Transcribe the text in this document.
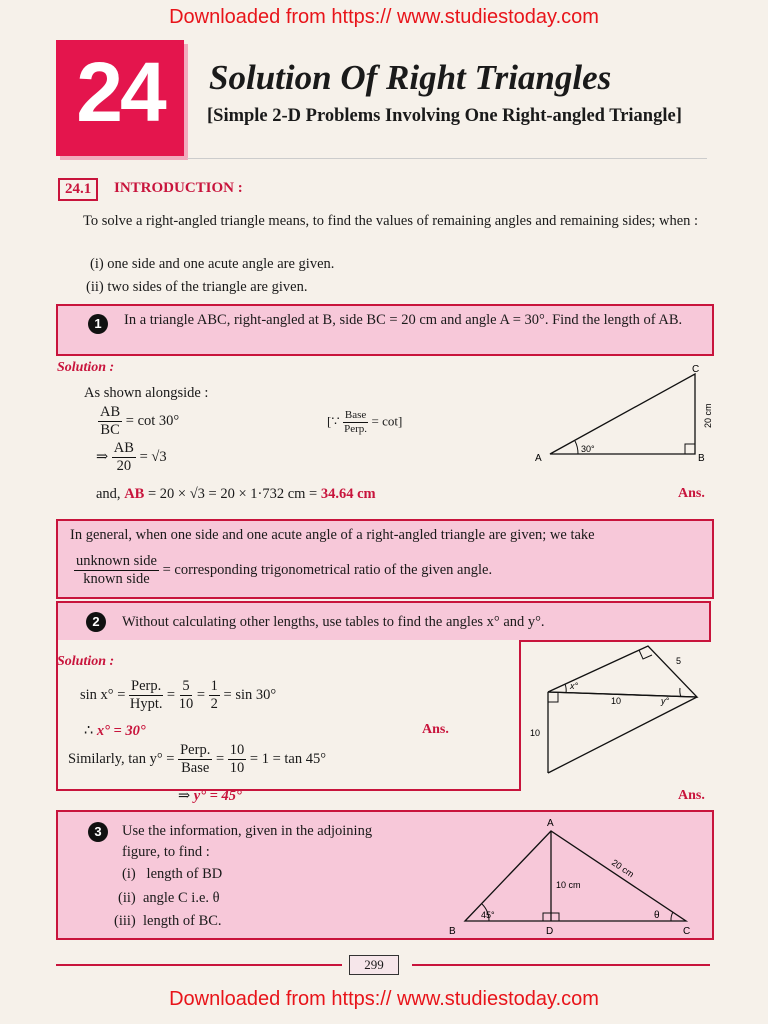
Downloaded from https:// www.studiestoday.com
24	Solution Of Right Triangles
[Simple 2-D Problems Involving One Right-angled Triangle]
24.1	INTRODUCTION :
To solve a right-angled triangle means, to find the values of remaining angles and remaining sides; when :
(i) one side and one acute angle are given.
(ii) two sides of the triangle are given.
1	In a triangle ABC, right-angled at B, side BC = 20 cm and angle A = 30°. Find the length of AB.
Solution :
As shown alongside :
$\frac{AB}{BC} = \cot 30^\circ$	[∵ $\frac{\text{Base}}{\text{Perp.}} = \cot$]
⇒ $\frac{AB}{20} = √3$
and, AB = 20 × √3 = 20 × 1·732 cm = 34.64 cm	Ans.
A	B
C
30°
20 cm
In general, when one side and one acute angle of a right-angled triangle are given; we take
$\frac{\text{unknown side}}{\text{known side}}$ = corresponding trigonometrical ratio of the given angle.
2	Without calculating other lengths, use tables to find the angles x° and y°.
Solution :
$\sin x^\circ = \frac{\text{Perp.}}{\text{Hypt.}} = \frac{5}{10} = \frac{1}{2} = \sin 30^\circ$
∴ x° = 30°	Ans.
Similarly, $\tan y^\circ = \frac{\text{Perp.}}{\text{Base}} = \frac{10}{10} = 1 = \tan 45^\circ$
⇒ y° = 45°	Ans.
x°
y°
5
10
10
3	Use the information, given in the adjoining
figure, to find :
(i)   length of BD
(ii)  angle C i.e. θ
(iii)  length of BC.
A
B	C
D
10 cm
20 cm
45°	θ
299
Downloaded from https:// www.studiestoday.com
